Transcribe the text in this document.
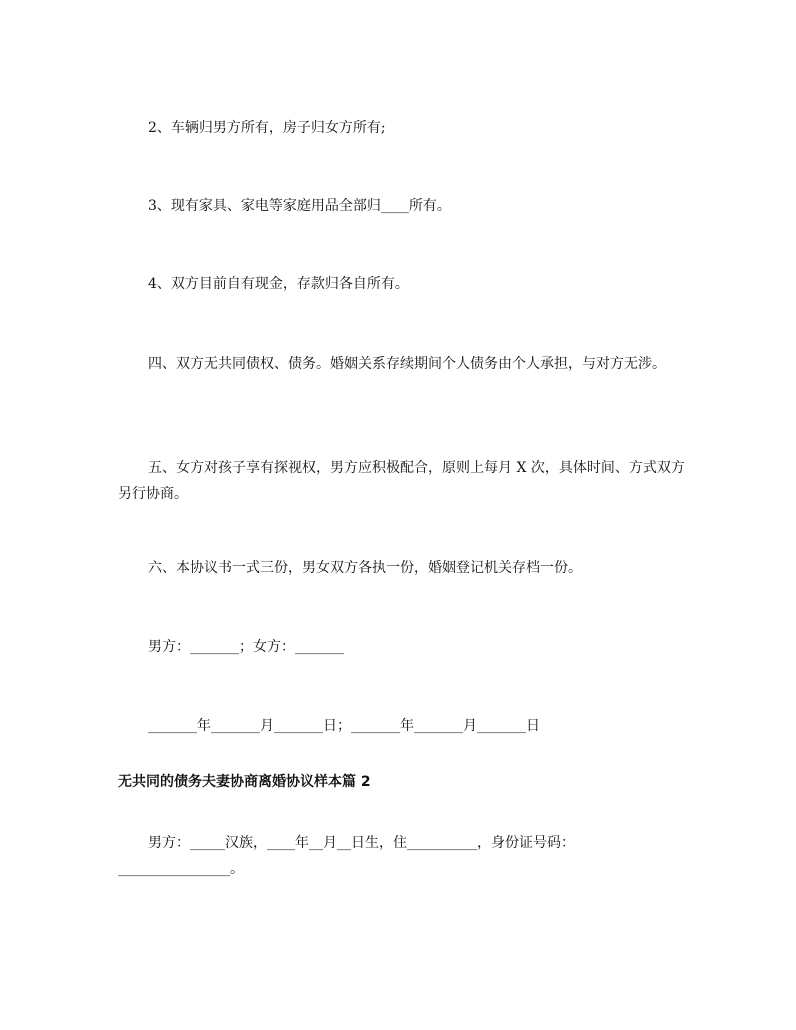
2、车辆归男方所有，房子归女方所有;
3、现有家具、家电等家庭用品全部归____所有。
4、双方目前自有现金，存款归各自所有。
四、双方无共同债权、债务。婚姻关系存续期间个人债务由个人承担，与对方无涉。
五、女方对孩子享有探视权，男方应积极配合，原则上每月 X 次，具体时间、方式双方另行协商。
六、本协议书一式三份，男女双方各执一份，婚姻登记机关存档一份。
男方：_______；女方：_______
_______年_______月_______日；_______年_______月_______日
无共同的债务夫妻协商离婚协议样本篇 2
男方：_____汉族，____年__月__日生，住__________，身份证号码：
________________。
